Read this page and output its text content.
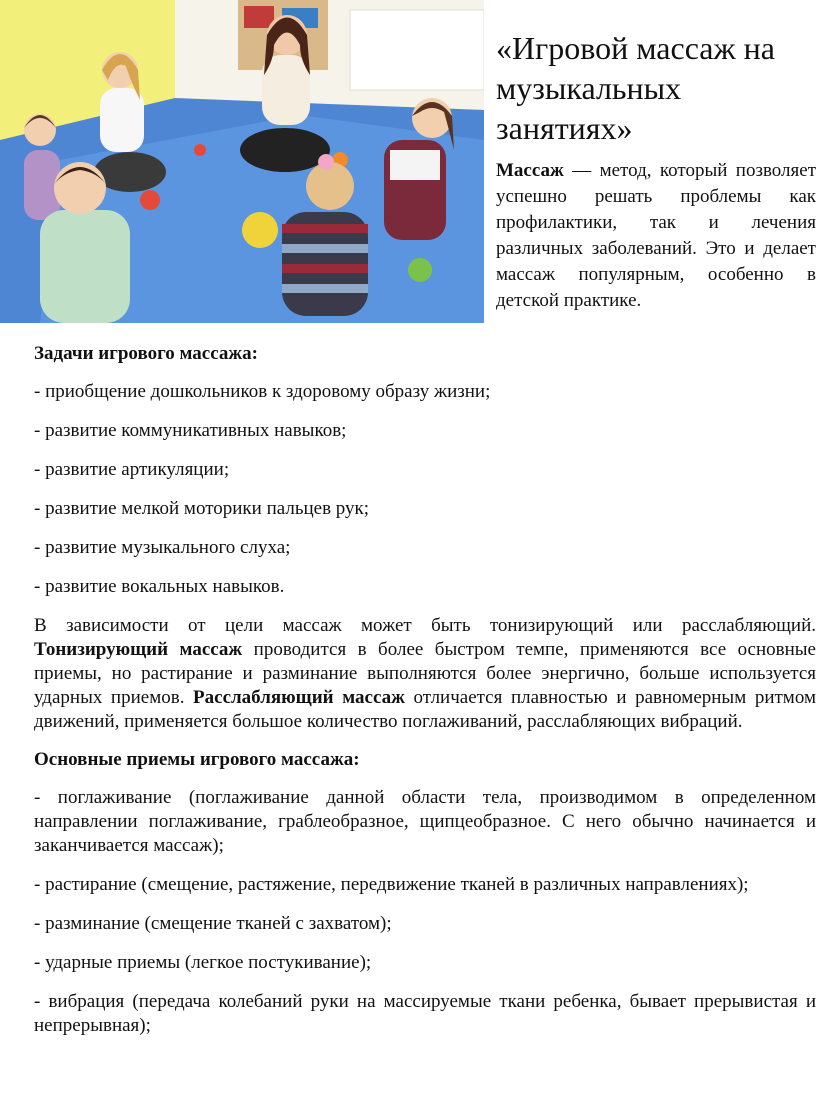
«Игровой массаж на музыкальных занятиях»

Массаж — метод, который позволяет успешно решать проблемы как профилактики, так и лечения различных заболеваний. Это и делает массаж популярным, особенно в детской практике.

Задачи игрового массажа:

- приобщение дошкольников к здоровому образу жизни;

- развитие коммуникативных навыков;

- развитие артикуляции;

- развитие мелкой моторики пальцев рук;

- развитие музыкального слуха;

- развитие вокальных навыков.

В зависимости от цели массаж может быть тонизирующий или расслабляющий. Тонизирующий массаж проводится в более быстром темпе, применяются все основные приемы, но растирание и разминание выполняются более энергично, больше используется ударных приемов. Расслабляющий массаж отличается плавностью и равномерным ритмом движений, применяется большое количество поглаживаний, расслабляющих вибраций.

Основные приемы игрового массажа:

- поглаживание (поглаживание данной области тела, производимом в определенном направлении поглаживание, граблеобразное, щипцеобразное. С него обычно начинается и заканчивается массаж);

- растирание (смещение, растяжение, передвижение тканей в различных направлениях);

- разминание (смещение тканей с захватом);

- ударные приемы (легкое постукивание);

- вибрация (передача колебаний руки на массируемые ткани ребенка, бывает прерывистая и непрерывная);
